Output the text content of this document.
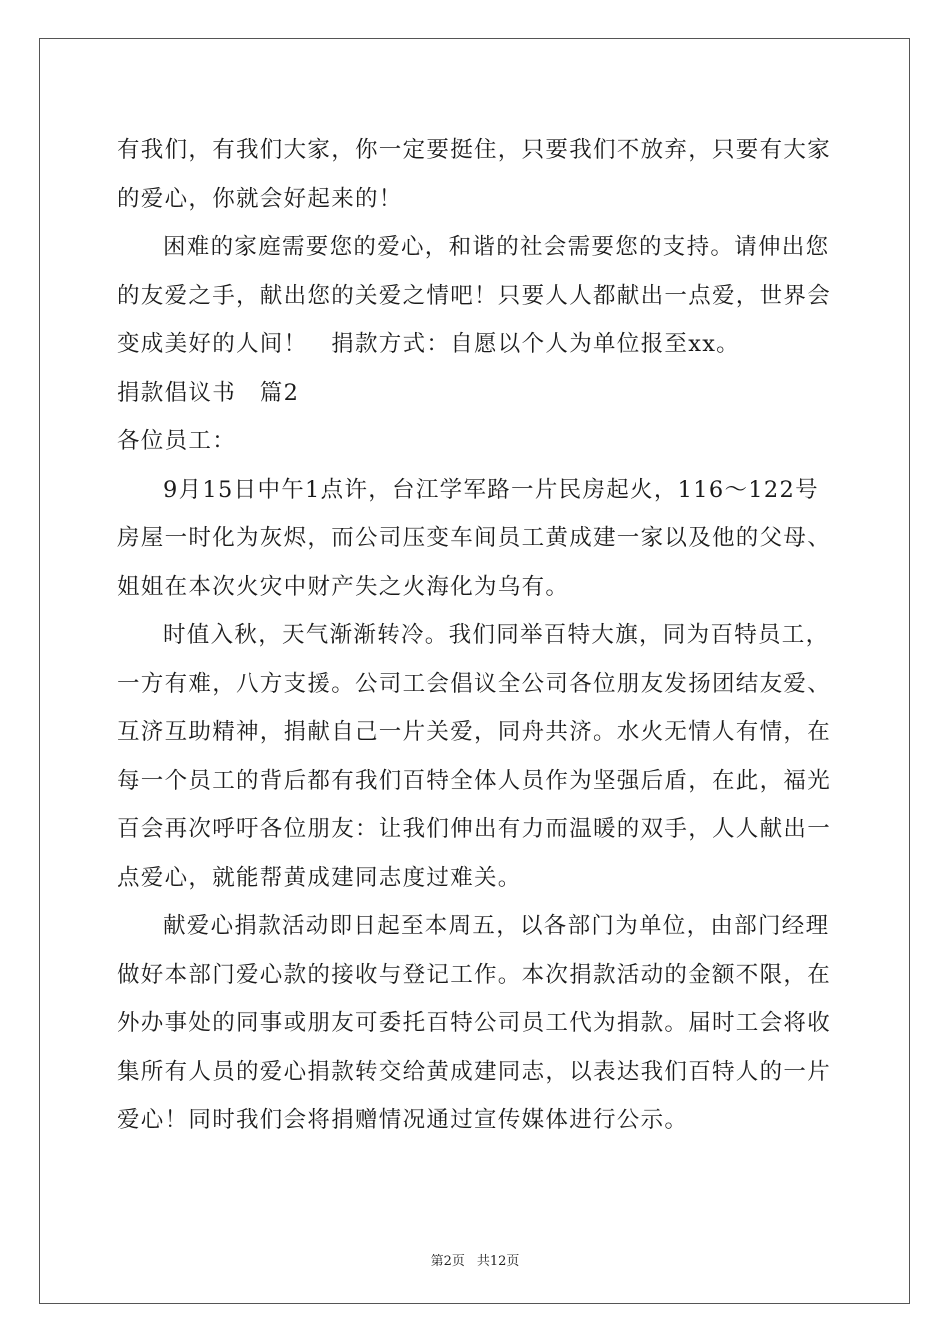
有我们，有我们大家，你一定要挺住，只要我们不放弃，只要有大家
的爱心，你就会好起来的！
困难的家庭需要您的爱心，和谐的社会需要您的支持。请伸出您
的友爱之手，献出您的关爱之情吧！只要人人都献出一点爱，世界会
变成美好的人间！　捐款方式：自愿以个人为单位报至xx。
捐款倡议书　篇2
各位员工：
9月15日中午1点许，台江学军路一片民房起火，116～122号
房屋一时化为灰烬，而公司压变车间员工黄成建一家以及他的父母、
姐姐在本次火灾中财产失之火海化为乌有。
时值入秋，天气渐渐转冷。我们同举百特大旗，同为百特员工，
一方有难，八方支援。公司工会倡议全公司各位朋友发扬团结友爱、
互济互助精神，捐献自己一片关爱，同舟共济。水火无情人有情，在
每一个员工的背后都有我们百特全体人员作为坚强后盾，在此，福光
百会再次呼吁各位朋友：让我们伸出有力而温暖的双手，人人献出一
点爱心，就能帮黄成建同志度过难关。
献爱心捐款活动即日起至本周五，以各部门为单位，由部门经理
做好本部门爱心款的接收与登记工作。本次捐款活动的金额不限，在
外办事处的同事或朋友可委托百特公司员工代为捐款。届时工会将收
集所有人员的爱心捐款转交给黄成建同志，以表达我们百特人的一片
爱心！同时我们会将捐赠情况通过宣传媒体进行公示。
第2页 共12页
